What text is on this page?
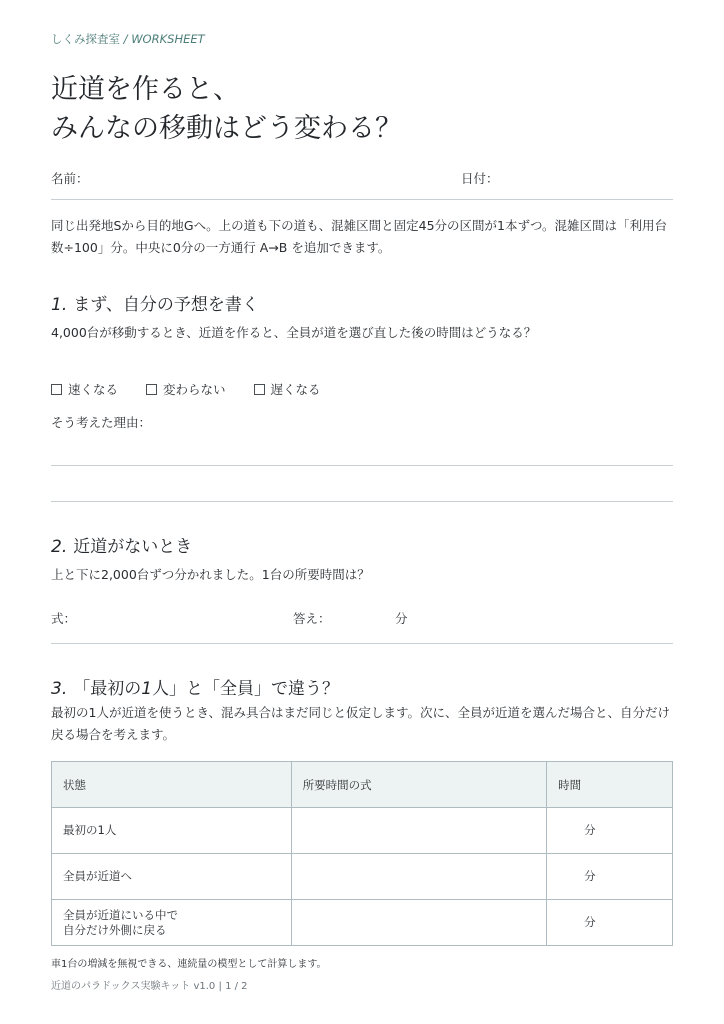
しくみ探査室 / WORKSHEET
近道を作ると、
みんなの移動はどう変わる？
名前：	日付：

同じ出発地Sから目的地Gへ。上の道も下の道も、混雑区間と固定45分の区間が1本ずつ。混雑区間は「利用台数÷100」分。中央に0分の一方通行 A→B を追加できます。

1. まず、自分の予想を書く

4,000台が移動するとき、近道を作ると、全員が道を選び直した後の時間はどうなる？

速くなる	変わらない	遅くなる
そう考えた理由：
2. 近道がないとき

上と下に2,000台ずつ分かれました。1台の所要時間は？

式：	答え：	分
3. 「最初の1人」と「全員」で違う？

最初の1人が近道を使うとき、混み具合はまだ同じと仮定します。次に、全員が近道を選んだ場合と、自分だけ戻る場合を考えます。

状態	所要時間の式	時間
最初の1人		分
全員が近道へ		分
全員が近道にいる中で
自分だけ外側に戻る		分
車1台の増減を無視できる、連続量の模型として計算します。
近道のパラドックス実験キット v1.0 | 1 / 2
